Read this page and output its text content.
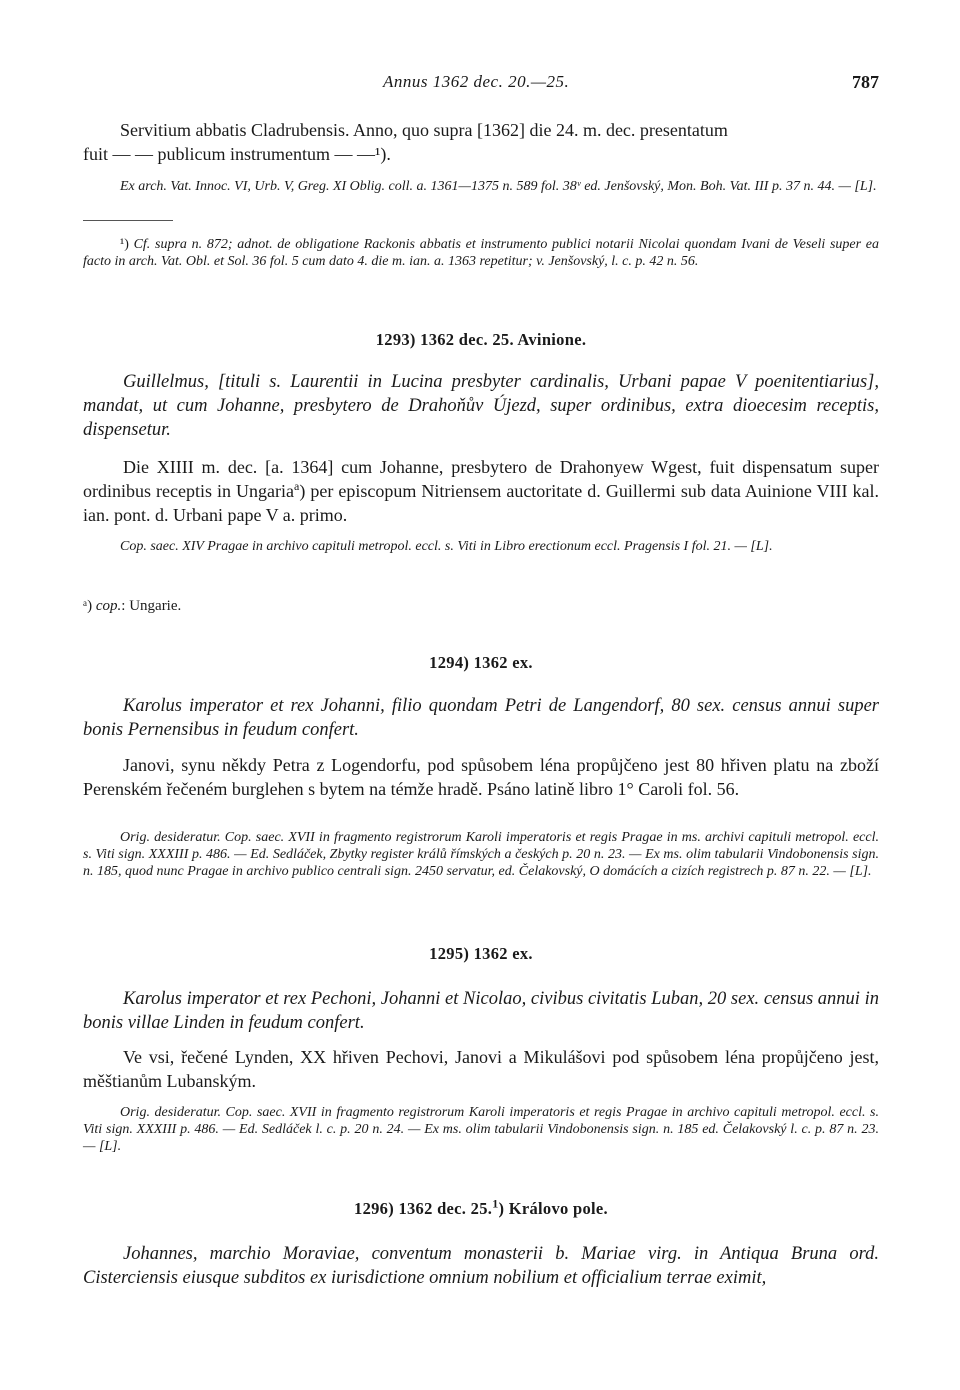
Annus 1362 dec. 20.—25.	787
Servitium abbatis Cladrubensis. Anno, quo supra [1362] die 24. m. dec. presentatum
fuit — — publicum instrumentum — —¹).

Ex arch. Vat. Innoc. VI, Urb. V, Greg. XI Oblig. coll. a. 1361—1375 n. 589 fol. 38ᵛ ed. Jenšovský, Mon. Boh. Vat. III p. 37 n. 44. — [L].

¹) Cf. supra n. 872; adnot. de obligatione Rackonis abbatis et instrumento publici notarii Nicolai quondam Ivani de Veseli super ea facto in arch. Vat. Obl. et Sol. 36 fol. 5 cum dato 4. die m. ian. a. 1363 repetitur; v. Jenšovský, l. c. p. 42 n. 56.

1293) 1362 dec. 25. Avinione.

Guillelmus, [tituli s. Laurentii in Lucina presbyter cardinalis, Urbani papae V poenitentiarius], mandat, ut cum Johanne, presbytero de Drahoňův Újezd, super ordinibus, extra dioecesim receptis, dispensetur.

Die XIIII m. dec. [a. 1364] cum Johanne, presbytero de Drahonyew Wgest, fuit dispensatum super ordinibus receptis in Ungaria$^a$) per episcopum Nitriensem auctoritate d. Guillermi sub data Auinione VIII kal. ian. pont. d. Urbani pape V a. primo.

Cop. saec. XIV Pragae in archivo capituli metropol. eccl. s. Viti in Libro erectionum eccl. Pragensis I fol. 21. — [L].

ᵃ) cop.: Ungarie.

1294) 1362 ex.

Karolus imperator et rex Johanni, filio quondam Petri de Langendorf, 80 sex. census annui super bonis Pernensibus in feudum confert.

Janovi, synu někdy Petra z Logendorfu, pod spůsobem léna propůjčeno jest 80 hřiven platu na zboží Perenském řečeném burglehen s bytem na témže hradě. Psáno latině libro 1° Caroli fol. 56.

Orig. desideratur. Cop. saec. XVII in fragmento registrorum Karoli imperatoris et regis Pragae in ms. archivi capituli metropol. eccl. s. Viti sign. XXXIII p. 486. — Ed. Sedláček, Zbytky register králů římských a českých p. 20 n. 23. — Ex ms. olim tabularii Vindobonensis sign. n. 185, quod nunc Pragae in archivo publico centrali sign. 2450 servatur, ed. Čelakovský, O domácích a cizích registrech p. 87 n. 22. — [L].

1295) 1362 ex.

Karolus imperator et rex Pechoni, Johanni et Nicolao, civibus civitatis Luban, 20 sex. census annui in bonis villae Linden in feudum confert.

Ve vsi, řečené Lynden, XX hřiven Pechovi, Janovi a Mikulášovi pod spůsobem léna propůjčeno jest, měštianům Lubanským.

Orig. desideratur. Cop. saec. XVII in fragmento registrorum Karoli imperatoris et regis Pragae in archivo capituli metropol. eccl. s. Viti sign. XXXIII p. 486. — Ed. Sedláček l. c. p. 20 n. 24. — Ex ms. olim tabularii Vindobonensis sign. n. 185 ed. Čelakovský l. c. p. 87 n. 23. — [L].

1296) 1362 dec. 25.$^1$) Královo pole.

Johannes, marchio Moraviae, conventum monasterii b. Mariae virg. in Antiqua Bruna ord. Cisterciensis eiusque subditos ex iurisdictione omnium nobilium et officialium terrae eximit,
